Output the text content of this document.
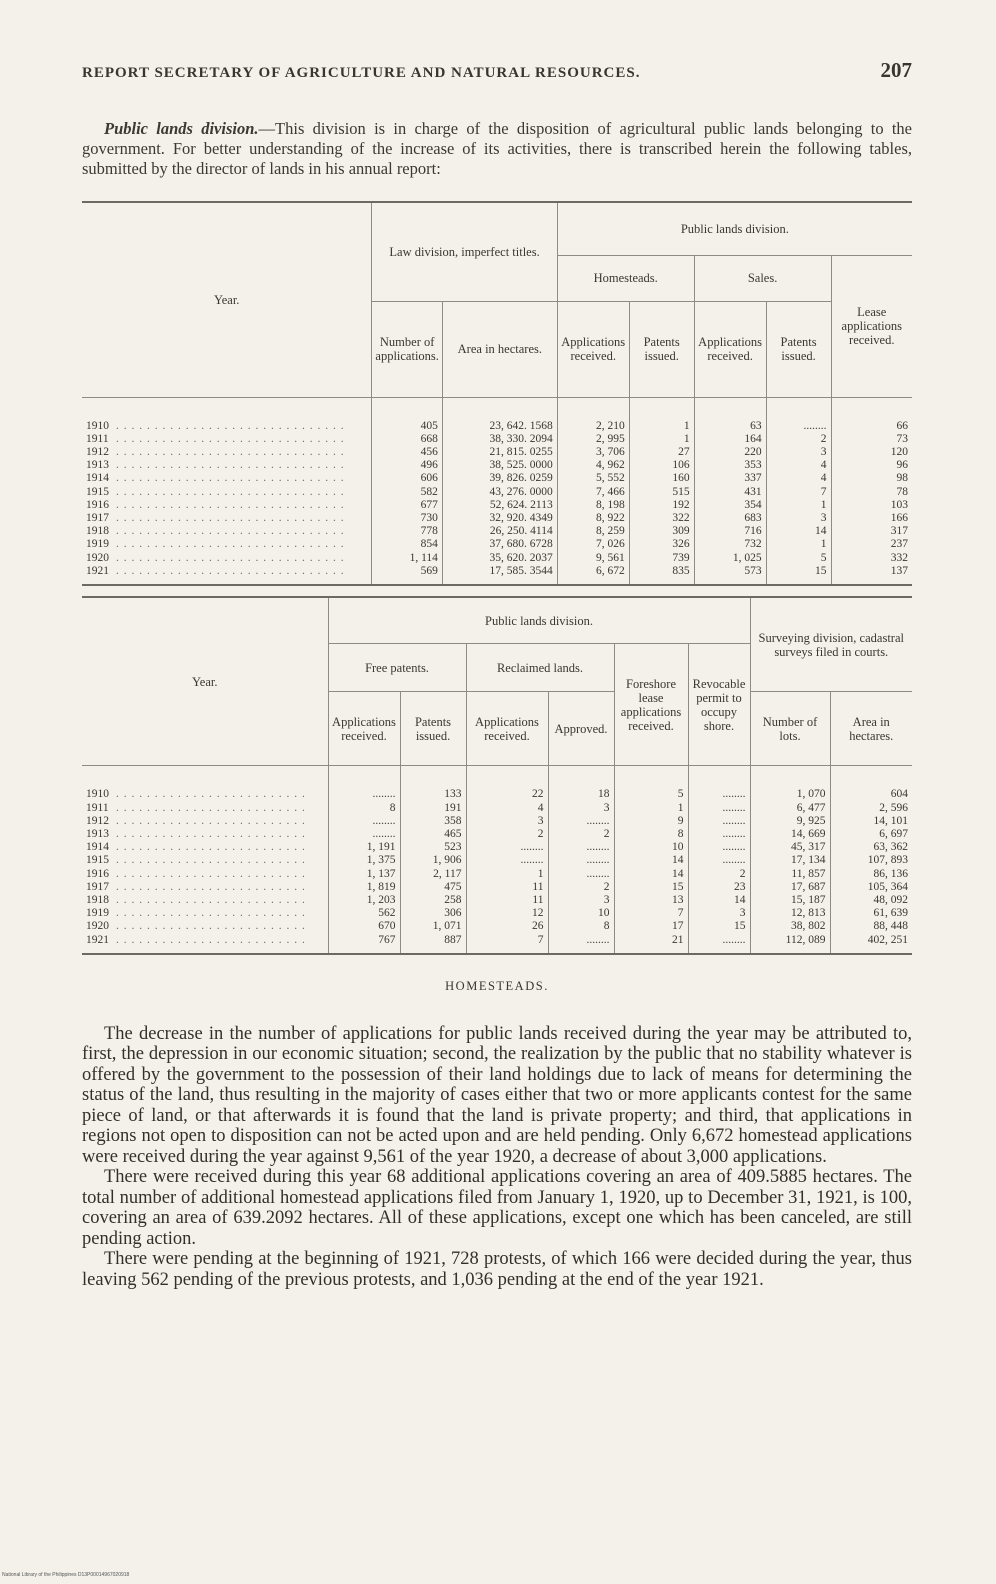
REPORT SECRETARY OF AGRICULTURE AND NATURAL RESOURCES.	207

Public lands division.—This division is in charge of the disposition of agricultural public lands belonging to the government. For better understanding of the increase of its activities, there is transcribed herein the following tables, submitted by the director of lands in his annual report:

Year.	Law division, imperfect titles.		Public lands division.				
			Homesteads.		Sales.		Lease applications received.
	Number of applications.	Area in hectares.	Applications received.	Patents issued.	Applications received.	Patents issued.	
1910 . . . . . . . . . . . . . . . . . . . . . . . . . . . . . .	405	23, 642. 1568	2, 210	1	63	........	66
1911 . . . . . . . . . . . . . . . . . . . . . . . . . . . . . .	668	38, 330. 2094	2, 995	1	164	2	73
1912 . . . . . . . . . . . . . . . . . . . . . . . . . . . . . .	456	21, 815. 0255	3, 706	27	220	3	120
1913 . . . . . . . . . . . . . . . . . . . . . . . . . . . . . .	496	38, 525. 0000	4, 962	106	353	4	96
1914 . . . . . . . . . . . . . . . . . . . . . . . . . . . . . .	606	39, 826. 0259	5, 552	160	337	4	98
1915 . . . . . . . . . . . . . . . . . . . . . . . . . . . . . .	582	43, 276. 0000	7, 466	515	431	7	78
1916 . . . . . . . . . . . . . . . . . . . . . . . . . . . . . .	677	52, 624. 2113	8, 198	192	354	1	103
1917 . . . . . . . . . . . . . . . . . . . . . . . . . . . . . .	730	32, 920. 4349	8, 922	322	683	3	166
1918 . . . . . . . . . . . . . . . . . . . . . . . . . . . . . .	778	26, 250. 4114	8, 259	309	716	14	317
1919 . . . . . . . . . . . . . . . . . . . . . . . . . . . . . .	854	37, 680. 6728	7, 026	326	732	1	237
1920 . . . . . . . . . . . . . . . . . . . . . . . . . . . . . .	1, 114	35, 620. 2037	9, 561	739	1, 025	5	332
1921 . . . . . . . . . . . . . . . . . . . . . . . . . . . . . .	569	17, 585. 3544	6, 672	835	573	15	137
Year.	Public lands division.						Surveying division, cadastral surveys filed in courts.	
	Free patents.		Reclaimed lands.		Foreshore lease applications received.	Revocable permit to occupy shore.		
	Applications received.	Patents issued.	Applications received.	Approved.			Number of lots.	Area in hectares.
1910 . . . . . . . . . . . . . . . . . . . . . . . . .	........	133	22	18	5	........	1, 070	604
1911 . . . . . . . . . . . . . . . . . . . . . . . . .	8	191	4	3	1	........	6, 477	2, 596
1912 . . . . . . . . . . . . . . . . . . . . . . . . .	........	358	3	........	9	........	9, 925	14, 101
1913 . . . . . . . . . . . . . . . . . . . . . . . . .	........	465	2	2	8	........	14, 669	6, 697
1914 . . . . . . . . . . . . . . . . . . . . . . . . .	1, 191	523	........	........	10	........	45, 317	63, 362
1915 . . . . . . . . . . . . . . . . . . . . . . . . .	1, 375	1, 906	........	........	14	........	17, 134	107, 893
1916 . . . . . . . . . . . . . . . . . . . . . . . . .	1, 137	2, 117	1	........	14	2	11, 857	86, 136
1917 . . . . . . . . . . . . . . . . . . . . . . . . .	1, 819	475	11	2	15	23	17, 687	105, 364
1918 . . . . . . . . . . . . . . . . . . . . . . . . .	1, 203	258	11	3	13	14	15, 187	48, 092
1919 . . . . . . . . . . . . . . . . . . . . . . . . .	562	306	12	10	7	3	12, 813	61, 639
1920 . . . . . . . . . . . . . . . . . . . . . . . . .	670	1, 071	26	8	17	15	38, 802	88, 448
1921 . . . . . . . . . . . . . . . . . . . . . . . . .	767	887	7	........	21	........	112, 089	402, 251
HOMESTEADS.

The decrease in the number of applications for public lands received during the year may be attributed to, first, the depression in our economic situation; second, the realization by the public that no stability whatever is offered by the government to the possession of their land holdings due to lack of means for determining the status of the land, thus resulting in the majority of cases either that two or more applicants contest for the same piece of land, or that afterwards it is found that the land is private property; and third, that applications in regions not open to disposition can not be acted upon and are held pending. Only 6,672 homestead applications were received during the year against 9,561 of the year 1920, a decrease of about 3,000 applications.

There were received during this year 68 additional applications covering an area of 409.5885 hectares. The total number of additional homestead applications filed from January 1, 1920, up to December 31, 1921, is 100, covering an area of 639.2092 hectares. All of these applications, except one which has been canceled, are still pending action.

There were pending at the beginning of 1921, 728 protests, of which 166 were decided during the year, thus leaving 562 pending of the previous protests, and 1,036 pending at the end of the year 1921.

National Library of the Philippines D13P00014967020918
